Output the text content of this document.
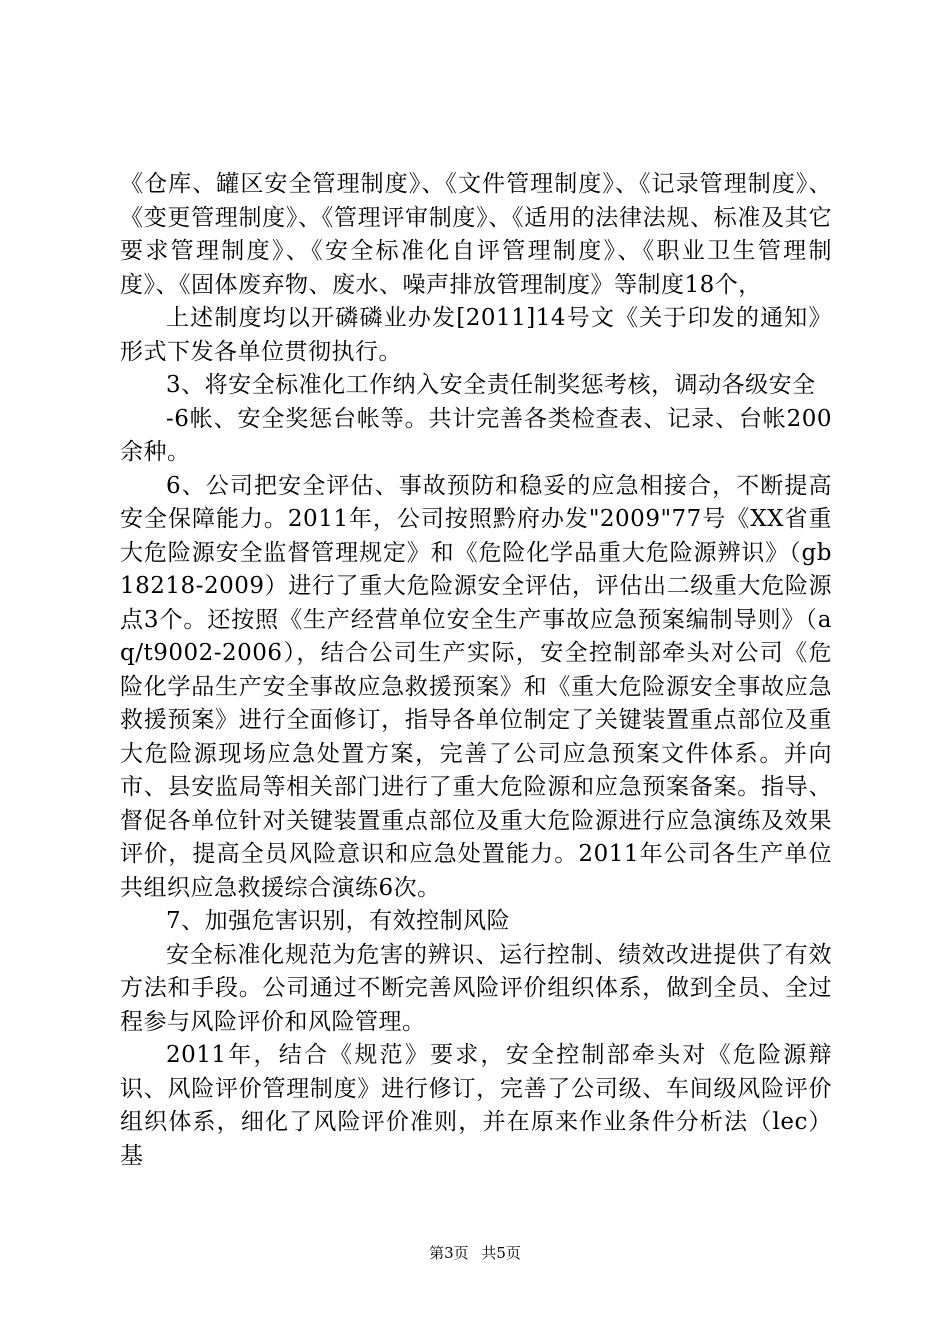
《仓库、罐区安全管理制度》、《文件管理制度》、《记录管理制度》、《变更管理制度》、《管理评审制度》、《适用的法律法规、标准及其它要求管理制度》、《安全标准化自评管理制度》、《职业卫生管理制度》、《固体废弃物、废水、噪声排放管理制度》等制度18个，

上述制度均以开磷磷业办发[2011]14号文《关于印发的通知》形式下发各单位贯彻执行。

3、将安全标准化工作纳入安全责任制奖惩考核，调动各级安全

-6帐、安全奖惩台帐等。共计完善各类检查表、记录、台帐200余种。

6、公司把安全评估、事故预防和稳妥的应急相接合，不断提高安全保障能力。2011年，公司按照黔府办发"2009"77号《XX省重大危险源安全监督管理规定》和《危险化学品重大危险源辨识》（gb18218-2009）进行了重大危险源安全评估，评估出二级重大危险源点3个。还按照《生产经营单位安全生产事故应急预案编制导则》（aq/t9002-2006），结合公司生产实际，安全控制部牵头对公司《危险化学品生产安全事故应急救援预案》和《重大危险源安全事故应急救援预案》进行全面修订，指导各单位制定了关键装置重点部位及重大危险源现场应急处置方案，完善了公司应急预案文件体系。并向市、县安监局等相关部门进行了重大危险源和应急预案备案。指导、督促各单位针对关键装置重点部位及重大危险源进行应急演练及效果评价，提高全员风险意识和应急处置能力。2011年公司各生产单位共组织应急救援综合演练6次。

7、加强危害识别，有效控制风险

安全标准化规范为危害的辨识、运行控制、绩效改进提供了有效方法和手段。公司通过不断完善风险评价组织体系，做到全员、全过程参与风险评价和风险管理。

2011年，结合《规范》要求，安全控制部牵头对《危险源辩识、风险评价管理制度》进行修订，完善了公司级、车间级风险评价组织体系，细化了风险评价准则，并在原来作业条件分析法（lec）基

第3页 共5页
